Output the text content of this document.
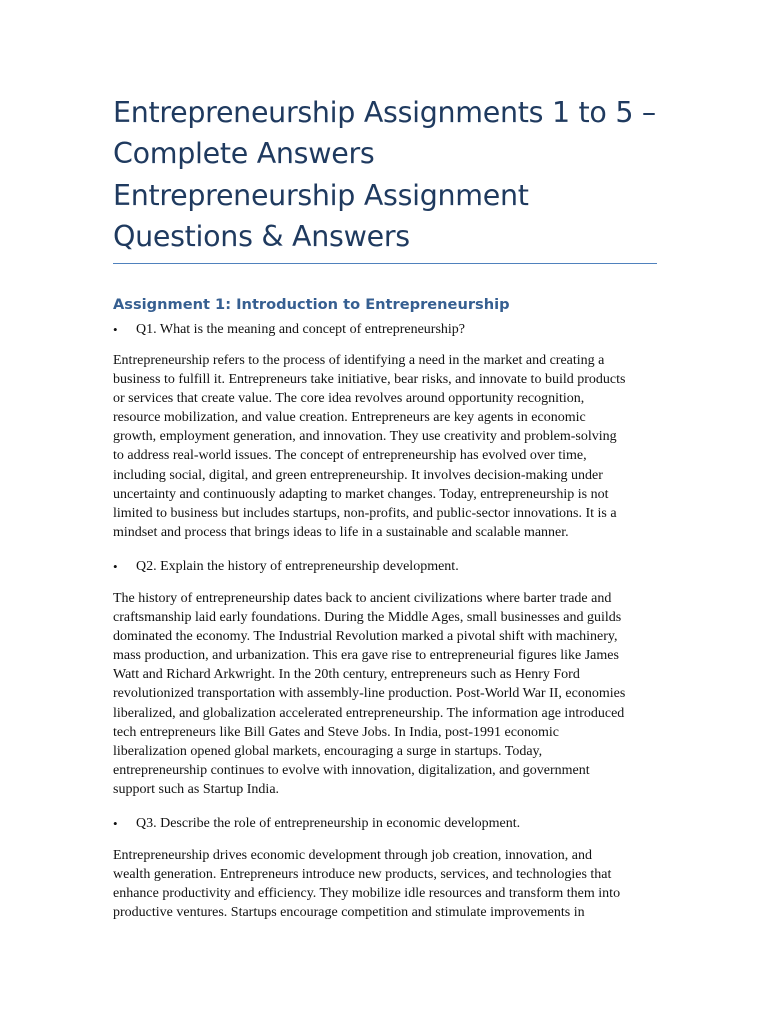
Entrepreneurship Assignments 1 to 5 –
Complete Answers
Entrepreneurship Assignment
Questions & Answers
Assignment 1: Introduction to Entrepreneurship
• Q1. What is the meaning and concept of entrepreneurship?
Entrepreneurship refers to the process of identifying a need in the market and creating a
business to fulfill it. Entrepreneurs take initiative, bear risks, and innovate to build products
or services that create value. The core idea revolves around opportunity recognition,
resource mobilization, and value creation. Entrepreneurs are key agents in economic
growth, employment generation, and innovation. They use creativity and problem-solving
to address real-world issues. The concept of entrepreneurship has evolved over time,
including social, digital, and green entrepreneurship. It involves decision-making under
uncertainty and continuously adapting to market changes. Today, entrepreneurship is not
limited to business but includes startups, non-profits, and public-sector innovations. It is a
mindset and process that brings ideas to life in a sustainable and scalable manner.
• Q2. Explain the history of entrepreneurship development.
The history of entrepreneurship dates back to ancient civilizations where barter trade and
craftsmanship laid early foundations. During the Middle Ages, small businesses and guilds
dominated the economy. The Industrial Revolution marked a pivotal shift with machinery,
mass production, and urbanization. This era gave rise to entrepreneurial figures like James
Watt and Richard Arkwright. In the 20th century, entrepreneurs such as Henry Ford
revolutionized transportation with assembly-line production. Post-World War II, economies
liberalized, and globalization accelerated entrepreneurship. The information age introduced
tech entrepreneurs like Bill Gates and Steve Jobs. In India, post-1991 economic
liberalization opened global markets, encouraging a surge in startups. Today,
entrepreneurship continues to evolve with innovation, digitalization, and government
support such as Startup India.
• Q3. Describe the role of entrepreneurship in economic development.
Entrepreneurship drives economic development through job creation, innovation, and
wealth generation. Entrepreneurs introduce new products, services, and technologies that
enhance productivity and efficiency. They mobilize idle resources and transform them into
productive ventures. Startups encourage competition and stimulate improvements in
